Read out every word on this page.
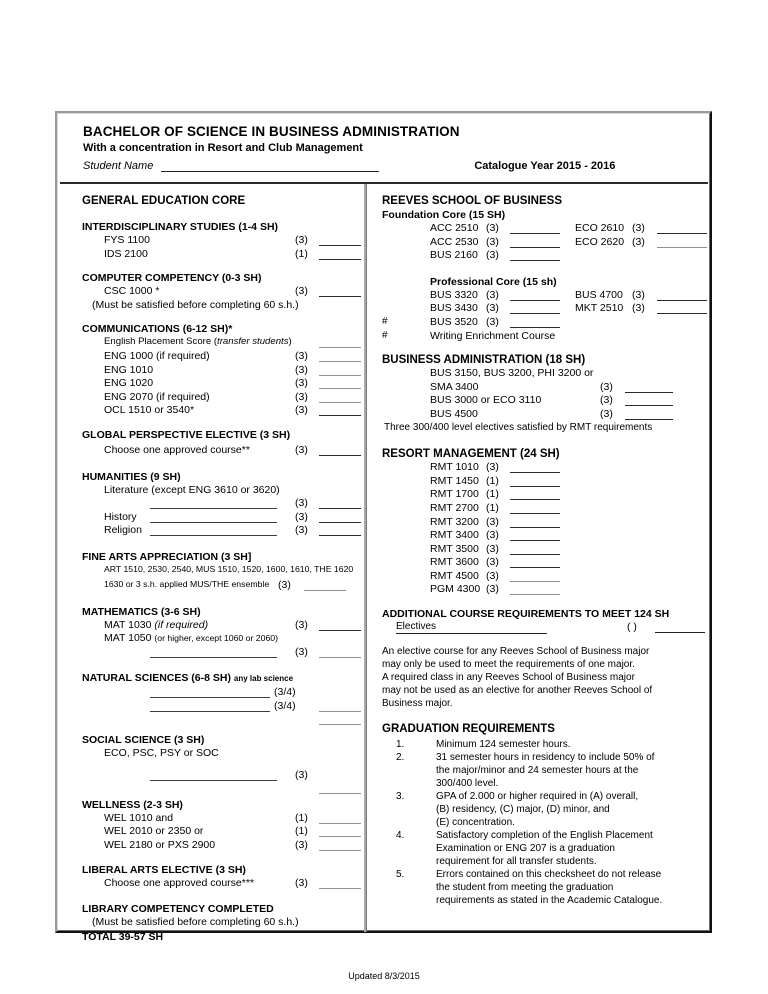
BACHELOR OF SCIENCE IN BUSINESS ADMINISTRATION
With a concentration in Resort and Club Management
Student Name	Catalogue Year 2015 - 2016
GENERAL EDUCATION CORE
INTERDISCIPLINARY STUDIES (1-4 SH)
FYS 1100	(3)
IDS 2100	(1)
COMPUTER COMPETENCY (0-3 SH)
CSC 1000 *	(3)
(Must be satisfied before completing 60 s.h.)
COMMUNICATIONS (6-12 SH)*
English Placement Score (transfer students)
ENG 1000 (if required)	(3)
ENG 1010	(3)
ENG 1020	(3)
ENG 2070 (if required)	(3)
OCL 1510 or 3540*	(3)
GLOBAL PERSPECTIVE ELECTIVE (3 SH)
Choose one approved course**	(3)
HUMANITIES (9 SH)
Literature (except ENG 3610 or 3620)
(3)
History	(3)
Religion	(3)
FINE ARTS APPRECIATION (3 SH]
ART 1510, 2530, 2540, MUS 1510, 1520, 1600, 1610, THE 1620
1630 or 3 s.h. applied MUS/THE ensemble (3)
MATHEMATICS (3-6 SH)
MAT 1030 (if required)	(3)
MAT 1050 (or higher, except 1060 or 2060)
(3)
NATURAL SCIENCES (6-8 SH) any lab science
(3/4)
(3/4)
SOCIAL SCIENCE (3 SH)
ECO, PSC, PSY or SOC
(3)
WELLNESS (2-3 SH)
WEL 1010 and	(1)
WEL 2010 or 2350 or	(1)
WEL 2180 or PXS 2900	(3)
LIBERAL ARTS ELECTIVE (3 SH)
Choose one approved course***	(3)
LIBRARY COMPETENCY COMPLETED
(Must be satisfied before completing 60 s.h.)
TOTAL 39-57 SH
REEVES SCHOOL OF BUSINESS
Foundation Core (15 SH)
ACC 2510 (3)	ECO 2610 (3)
ACC 2530 (3)	ECO 2620 (3)
BUS 2160 (3)
Professional Core (15 sh)
BUS 3320 (3)	BUS 4700 (3)
BUS 3430 (3)	MKT 2510 (3)
#	BUS 3520 (3)
#	Writing Enrichment Course
BUSINESS ADMINISTRATION (18 SH)
BUS 3150, BUS 3200, PHI 3200 or
SMA 3400	(3)
BUS 3000 or ECO 3110	(3)
BUS 4500	(3)
Three 300/400 level electives satisfied by RMT requirements
RESORT MANAGEMENT (24 SH)
RMT 1010 (3)
RMT 1450 (1)
RMT 1700 (1)
RMT 2700 (1)
RMT 3200 (3)
RMT 3400 (3)
RMT 3500 (3)
RMT 3600 (3)
RMT 4500 (3)
PGM 4300 (3)
ADDITIONAL COURSE REQUIREMENTS TO MEET 124 SH
Electives	( )
An elective course for any Reeves School of Business major
may only be used to meet the requirements of one major.
A required class in any Reeves School of Business major
may not be used as an elective for another Reeves School of
Business major.
GRADUATION REQUIREMENTS
1.	Minimum 124 semester hours.
2.	31 semester hours in residency to include 50% of
the major/minor and 24 semester hours at the
300/400 level.
3.	GPA of 2.000 or higher required in (A) overall,
(B) residency, (C) major, (D) minor, and
(E) concentration.
4.	Satisfactory completion of the English Placement
Examination or ENG 207 is a graduation
requirement for all transfer students.
5.	Errors contained on this checksheet do not release
the student from meeting the graduation
requirements as stated in the Academic Catalogue.
Updated 8/3/2015
